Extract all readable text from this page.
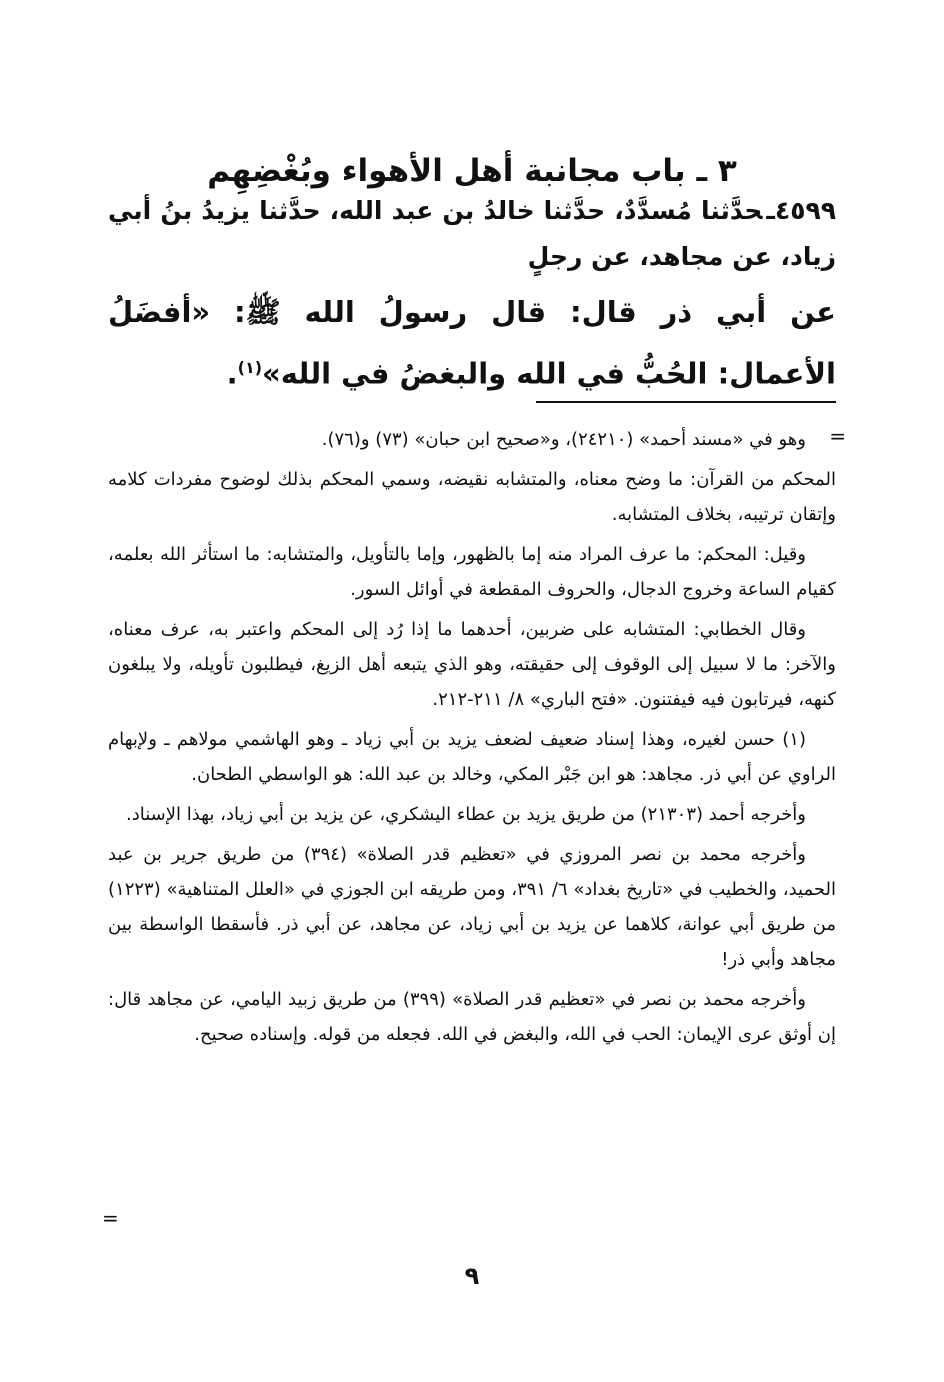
٣ ـ باب مجانبة أهل الأهواء وبُغْضِهِم
٤٥٩٩ـحدَّثنا مُسدَّدٌ، حدَّثنا خالدُ بن عبد الله، حدَّثنا يزيدُ بنُ أبي زياد، عن مجاهد، عن رجلٍ
عن أبي ذر قال: قال رسولُ الله ﷺ: «أفضَلُ الأعمال: الحُبُّ في الله والبغضُ في الله»$^{(١)}$.
=

وهو في «مسند أحمد» (٢٤٢١٠)، و«صحيح ابن حبان» (٧٣) و(٧٦).

المحكم من القرآن: ما وضح معناه، والمتشابه نقيضه، وسمي المحكم بذلك لوضوح مفردات كلامه وإتقان ترتيبه، بخلاف المتشابه.

وقيل: المحكم: ما عرف المراد منه إما بالظهور، وإما بالتأويل، والمتشابه: ما استأثر الله بعلمه، كقيام الساعة وخروج الدجال، والحروف المقطعة في أوائل السور.

وقال الخطابي: المتشابه على ضربين، أحدهما ما إذا رُد إلى المحكم واعتبر به، عرف معناه، والآخر: ما لا سبيل إلى الوقوف إلى حقيقته، وهو الذي يتبعه أهل الزيغ، فيطلبون تأويله، ولا يبلغون كنهه، فيرتابون فيه فيفتنون. «فتح الباري» ٨/ ٢١١-٢١٢.

(١) حسن لغيره، وهذا إسناد ضعيف لضعف يزيد بن أبي زياد ـ وهو الهاشمي مولاهم ـ ولإبهام الراوي عن أبي ذر. مجاهد: هو ابن جَبْر المكي، وخالد بن عبد الله: هو الواسطي الطحان.

وأخرجه أحمد (٢١٣٠٣) من طريق يزيد بن عطاء اليشكري، عن يزيد بن أبي زياد، بهذا الإسناد.

وأخرجه محمد بن نصر المروزي في «تعظيم قدر الصلاة» (٣٩٤) من طريق جرير بن عبد الحميد، والخطيب في «تاريخ بغداد» ٦/ ٣٩١، ومن طريقه ابن الجوزي في «العلل المتناهية» (١٢٢٣) من طريق أبي عوانة، كلاهما عن يزيد بن أبي زياد، عن مجاهد، عن أبي ذر. فأسقطا الواسطة بين مجاهد وأبي ذر!

وأخرجه محمد بن نصر في «تعظيم قدر الصلاة» (٣٩٩) من طريق زبيد اليامي، عن مجاهد قال: إن أوثق عرى الإيمان: الحب في الله، والبغض في الله. فجعله من قوله. وإسناده صحيح.

=
٩
